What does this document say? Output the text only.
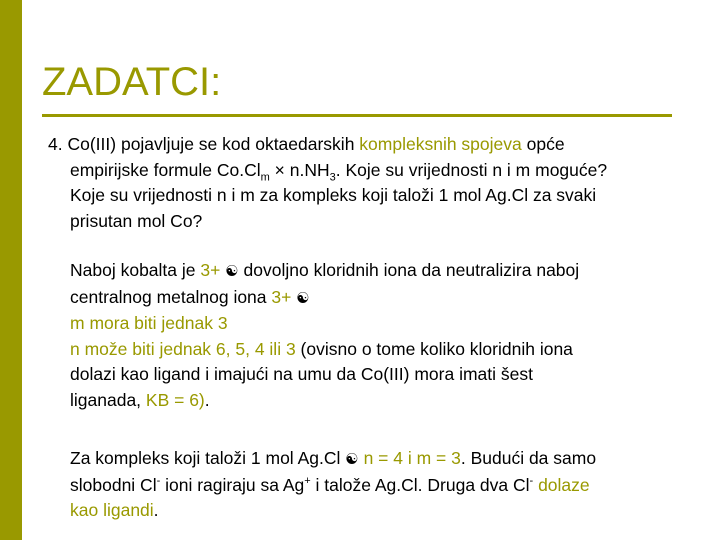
ZADATCI:
4. Co(III) pojavljuje se kod oktaedarskih kompleksnih spojeva opće
empirijske formule $Co.Cl_m \times n.NH_3$. Koje su vrijednosti n i m moguće?
Koje su vrijednosti n i m za kompleks koji taloži 1 mol Ag.Cl za svaki
prisutan mol Co?
Naboj kobalta je 3+ ☯ dovoljno kloridnih iona da neutralizira naboj
centralnog metalnog iona 3+ ☯
m mora biti jednak 3
n može biti jednak 6, 5, 4 ili 3 (ovisno o tome koliko kloridnih iona
dolazi kao ligand i imajući na umu da Co(III) mora imati šest
liganada, KB = 6).
Za kompleks koji taloži 1 mol Ag.Cl ☯ n = 4 i m = 3. Budući da samo
slobodni Cl- ioni ragiraju sa Ag+ i talože Ag.Cl. Druga dva Cl- dolaze
kao ligandi.
